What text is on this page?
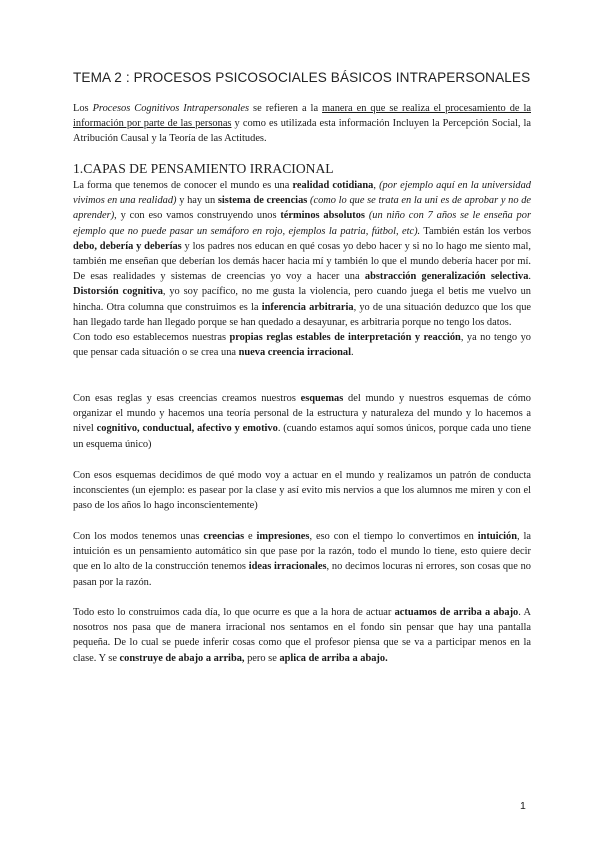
TEMA 2 : PROCESOS PSICOSOCIALES BÁSICOS INTRAPERSONALES

Los Procesos Cognitivos Intrapersonales se refieren a la manera en que se realiza el procesamiento de la información por parte de las personas y como es utilizada esta información Incluyen la Percepción Social, la Atribución Causal y la Teoría de las Actitudes.

1.CAPAS DE PENSAMIENTO IRRACIONAL

La forma que tenemos de conocer el mundo es una realidad cotidiana, (por ejemplo aquí en la universidad vivimos en una realidad) y hay un sistema de creencias (como lo que se trata en la uni es de aprobar y no de aprender), y con eso vamos construyendo unos términos absolutos (un niño con 7 años se le enseña por ejemplo que no puede pasar un semáforo en rojo, ejemplos la patria, fútbol, etc). También están los verbos debo, debería y deberías y los padres nos educan en qué cosas yo debo hacer y si no lo hago me siento mal, también me enseñan que deberían los demás hacer hacia mí y también lo que el mundo debería hacer por mí. De esas realidades y sistemas de creencias yo voy a hacer una abstracción generalización selectiva. Distorsión cognitiva, yo soy pacífico, no me gusta la violencia, pero cuando juega el betis me vuelvo un hincha. Otra columna que construimos es la inferencia arbitraria, yo de una situación deduzco que los que han llegado tarde han llegado porque se han quedado a desayunar, es arbitraria porque no tengo los datos.

Con todo eso establecemos nuestras propias reglas estables de interpretación y reacción, ya no tengo yo que pensar cada situación o se crea una nueva creencia irracional.

Con esas reglas y esas creencias creamos nuestros esquemas del mundo y nuestros esquemas de cómo organizar el mundo y hacemos una teoría personal de la estructura y naturaleza del mundo y lo hacemos a nivel cognitivo, conductual, afectivo y emotivo. (cuando estamos aquí somos únicos, porque cada uno tiene un esquema único)

Con esos esquemas decidimos de qué modo voy a actuar en el mundo y realizamos un patrón de conducta inconscientes (un ejemplo: es pasear por la clase y así evito mis nervios a que los alumnos me miren y con el paso de los años lo hago inconscientemente)

Con los modos tenemos unas creencias e impresiones, eso con el tiempo lo convertimos en intuición, la intuición es un pensamiento automático sin que pase por la razón, todo el mundo lo tiene, esto quiere decir que en lo alto de la construcción tenemos ideas irracionales, no decimos locuras ni errores, son cosas que no pasan por la razón.

Todo esto lo construimos cada día, lo que ocurre es que a la hora de actuar actuamos de arriba a abajo. A nosotros nos pasa que de manera irracional nos sentamos en el fondo sin pensar que hay una pantalla pequeña. De lo cual se puede inferir cosas como que el profesor piensa que se va a participar menos en la clase. Y se construye de abajo a arriba, pero se aplica de arriba a abajo.

1
